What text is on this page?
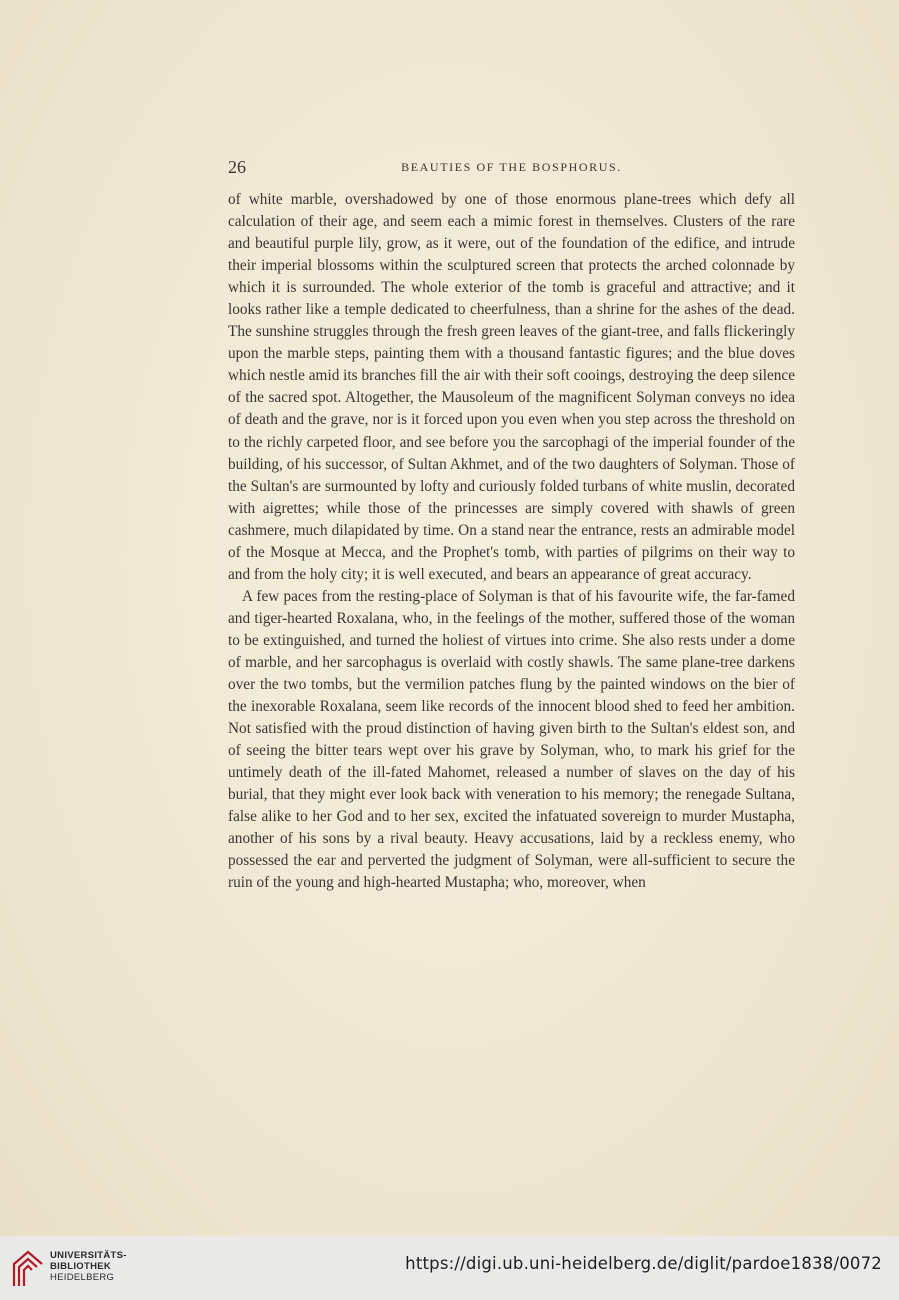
26	BEAUTIES OF THE BOSPHORUS.

of white marble, overshadowed by one of those enormous plane-trees which defy all calculation of their age, and seem each a mimic forest in themselves. Clusters of the rare and beautiful purple lily, grow, as it were, out of the foundation of the edifice, and intrude their imperial blossoms within the sculptured screen that protects the arched colonnade by which it is surrounded. The whole exterior of the tomb is graceful and attractive; and it looks rather like a temple dedicated to cheerfulness, than a shrine for the ashes of the dead. The sunshine struggles through the fresh green leaves of the giant-tree, and falls flickeringly upon the marble steps, painting them with a thousand fantastic figures; and the blue doves which nestle amid its branches fill the air with their soft cooings, destroying the deep silence of the sacred spot. Altogether, the Mausoleum of the magnificent Solyman conveys no idea of death and the grave, nor is it forced upon you even when you step across the threshold on to the richly carpeted floor, and see before you the sarcophagi of the imperial founder of the building, of his successor, of Sultan Akhmet, and of the two daughters of Solyman. Those of the Sultan's are surmounted by lofty and curiously folded turbans of white muslin, decorated with aigrettes; while those of the princesses are simply covered with shawls of green cashmere, much dilapidated by time. On a stand near the entrance, rests an admirable model of the Mosque at Mecca, and the Prophet's tomb, with parties of pilgrims on their way to and from the holy city; it is well executed, and bears an appearance of great accuracy.

A few paces from the resting-place of Solyman is that of his favourite wife, the far-famed and tiger-hearted Roxalana, who, in the feelings of the mother, suffered those of the woman to be extinguished, and turned the holiest of virtues into crime. She also rests under a dome of marble, and her sarcophagus is overlaid with costly shawls. The same plane-tree darkens over the two tombs, but the vermilion patches flung by the painted windows on the bier of the inexorable Roxalana, seem like records of the innocent blood shed to feed her ambition. Not satisfied with the proud distinction of having given birth to the Sultan's eldest son, and of seeing the bitter tears wept over his grave by Solyman, who, to mark his grief for the untimely death of the ill-fated Mahomet, released a number of slaves on the day of his burial, that they might ever look back with veneration to his memory; the renegade Sultana, false alike to her God and to her sex, excited the infatuated sovereign to murder Mustapha, another of his sons by a rival beauty. Heavy accusations, laid by a reckless enemy, who possessed the ear and perverted the judgment of Solyman, were all-sufficient to secure the ruin of the young and high-hearted Mustapha; who, moreover, when

UNIVERSITÄTS-
BIBLIOTHEK
HEIDELBERG
https://digi.ub.uni-heidelberg.de/diglit/pardoe1838/0072
